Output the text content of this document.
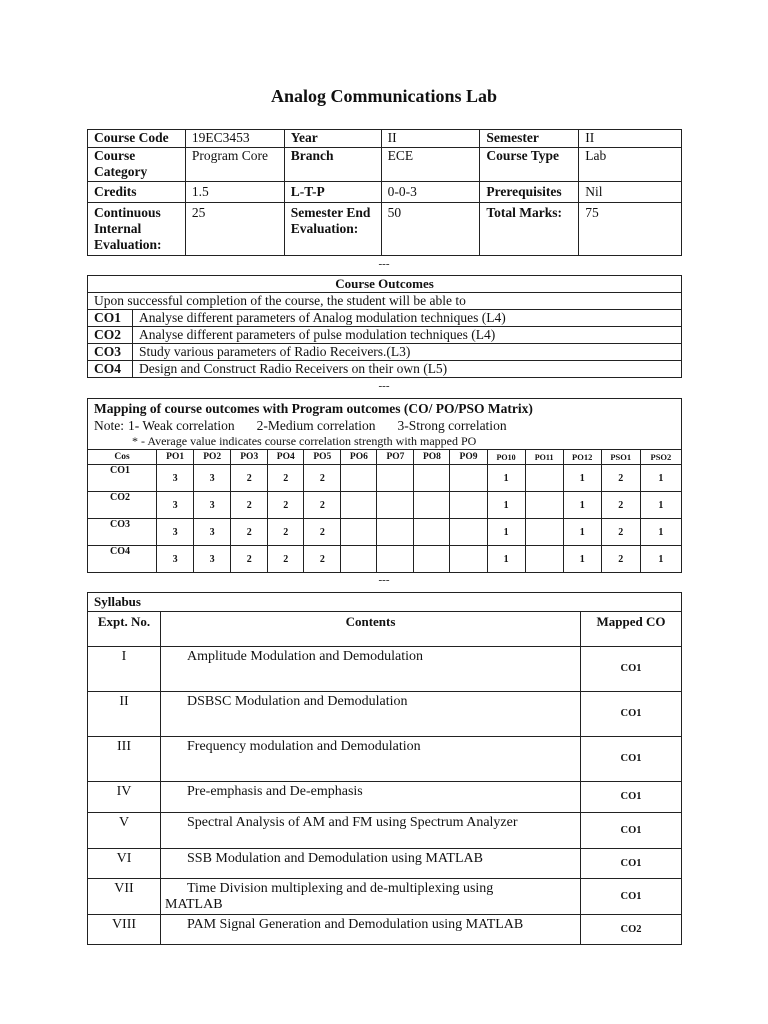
Analog Communications Lab
Course Code	19EC3453	Year	II	Semester	II
Course Category	Program Core	Branch	ECE	Course Type	Lab
Credits	1.5	L-T-P	0-0-3	Prerequisites	Nil
Continuous Internal Evaluation:	25	Semester End Evaluation:	50	Total Marks:	75
---
Course Outcomes	
Upon successful completion of the course, the student will be able to	
CO1	Analyse different parameters of Analog modulation techniques (L4)
CO2	Analyse different parameters of pulse modulation techniques (L4)
CO3	Study various parameters of Radio Receivers.(L3)
CO4	Design and Construct Radio Receivers on their own (L5)
---
Mapping of course outcomes with Program outcomes (CO/ PO/PSO Matrix)
Note: 1- Weak correlation 2-Medium correlation 3-Strong correlation
* - Average value indicates course correlation strength with mapped PO														

Cos	PO1	PO2	PO3	PO4	PO5	PO6	PO7	PO8	PO9	PO10	PO11	PO12	PSO1	PSO2
CO1	3	3	2	2	2					1		1	2	1
CO2	3	3	2	2	2					1		1	2	1
CO3	3	3	2	2	2					1		1	2	1
CO4	3	3	2	2	2					1		1	2	1
---
Syllabus		
Expt. No.	Contents	Mapped CO
I	Amplitude Modulation and Demodulation	CO1
II	DSBSC Modulation and Demodulation	CO1
III	Frequency modulation and Demodulation	CO1
IV	Pre-emphasis and De-emphasis	CO1
V	Spectral Analysis of AM and FM using Spectrum Analyzer	CO1
VI	SSB Modulation and Demodulation using MATLAB	CO1
VII	Time Division multiplexing and de-multiplexing using MATLAB	CO1
VIII	PAM Signal Generation and Demodulation using MATLAB	CO2
